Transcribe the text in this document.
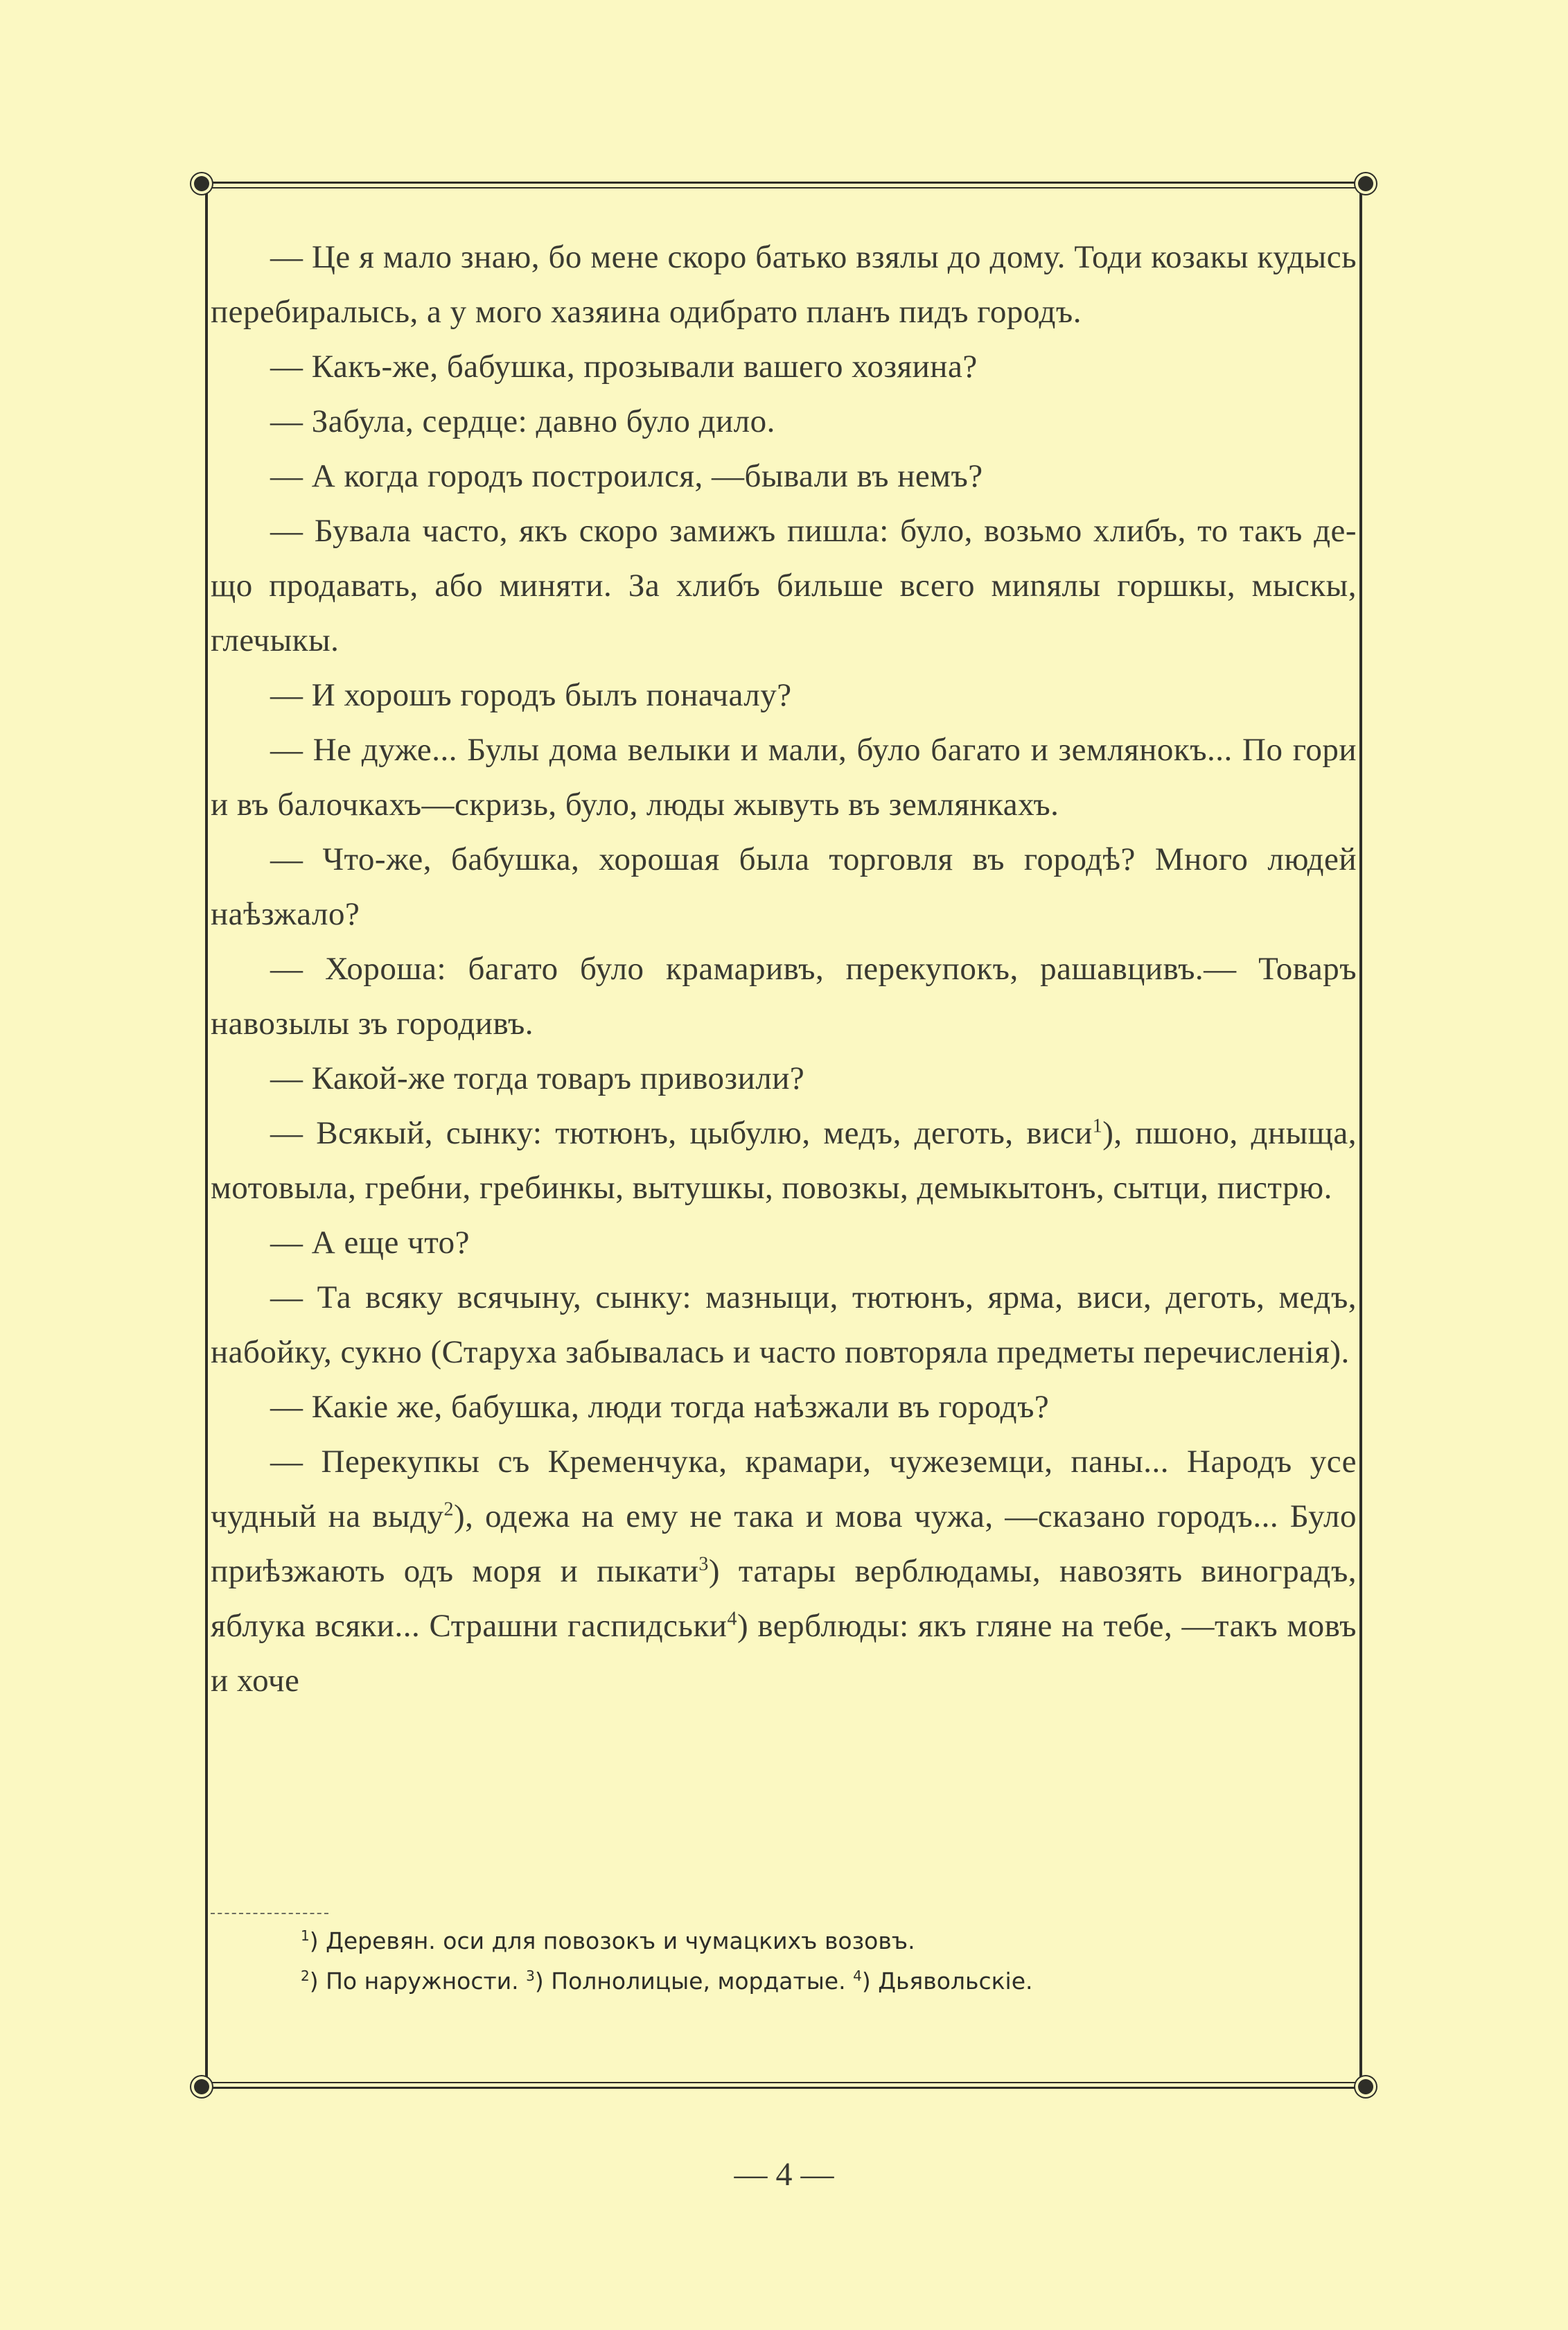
— Це я мало знаю, бо мене скоро батько взялы до дому. Тоди козакы кудысь перебиралысь, а у мого хазяина одибрато планъ пидъ городъ.

— Какъ-же, бабушка, прозывали вашего хозяина?

— Забула, сердце: давно було дило.

— А когда городъ построился, —бывали въ немъ?

— Бувала часто, якъ скоро замижъ пишла: було, возьмо хлибъ, то такъ де-що продавать, або миняти. За хлибъ бильше всего миnялы горшкы, мыскы, глечыкы.

— И хорошъ городъ былъ поначалу?

— Не дуже... Булы дома велыки и мали, було багато и землянокъ... По гори и въ балочкахъ—скризь, було, люды жывуть въ землянкахъ.

— Что-же, бабушка, хорошая была торговля въ городѣ? Много людей наѣзжало?

— Хороша: багато було крамаривъ, перекупокъ, рашавцивъ.— Товаръ навозылы зъ городивъ.

— Какой-же тогда товаръ привозили?

— Всякый, сынку: тютюнъ, цыбулю, медъ, деготь, виси$^1$), пшоно, дныща, мотовыла, гребни, гребинкы, вытушкы, повозкы, демыкытонъ, сытци, пистрю.

— А еще что?

— Та всяку всячыну, сынку: мазныци, тютюнъ, ярма, виси, деготь, медъ, набойку, сукно (Старуха забывалась и часто повторяла предметы перечисленія).

— Какіе же, бабушка, люди тогда наѣзжали въ городъ?

— Перекупкы съ Кременчука, крамари, чужеземци, паны... Народъ усе чудный на выду$^2$), одежа на ему не така и мова чужа, —сказано городъ... Було приѣзжають одъ моря и пыкати$^3$) татары верблюдамы, навозять виноградъ, яблука всяки... Страшни гаспидськи$^4$) верблюды: якъ гляне на тебе, —такъ мовъ и хоче

$^1$) Деревян. оси для повозокъ и чумацкихъ возовъ.
$^2$) По наружности. $^3$) Полнолицые, мордатые. $^4$) Дьявольскіе.
— 4 —
